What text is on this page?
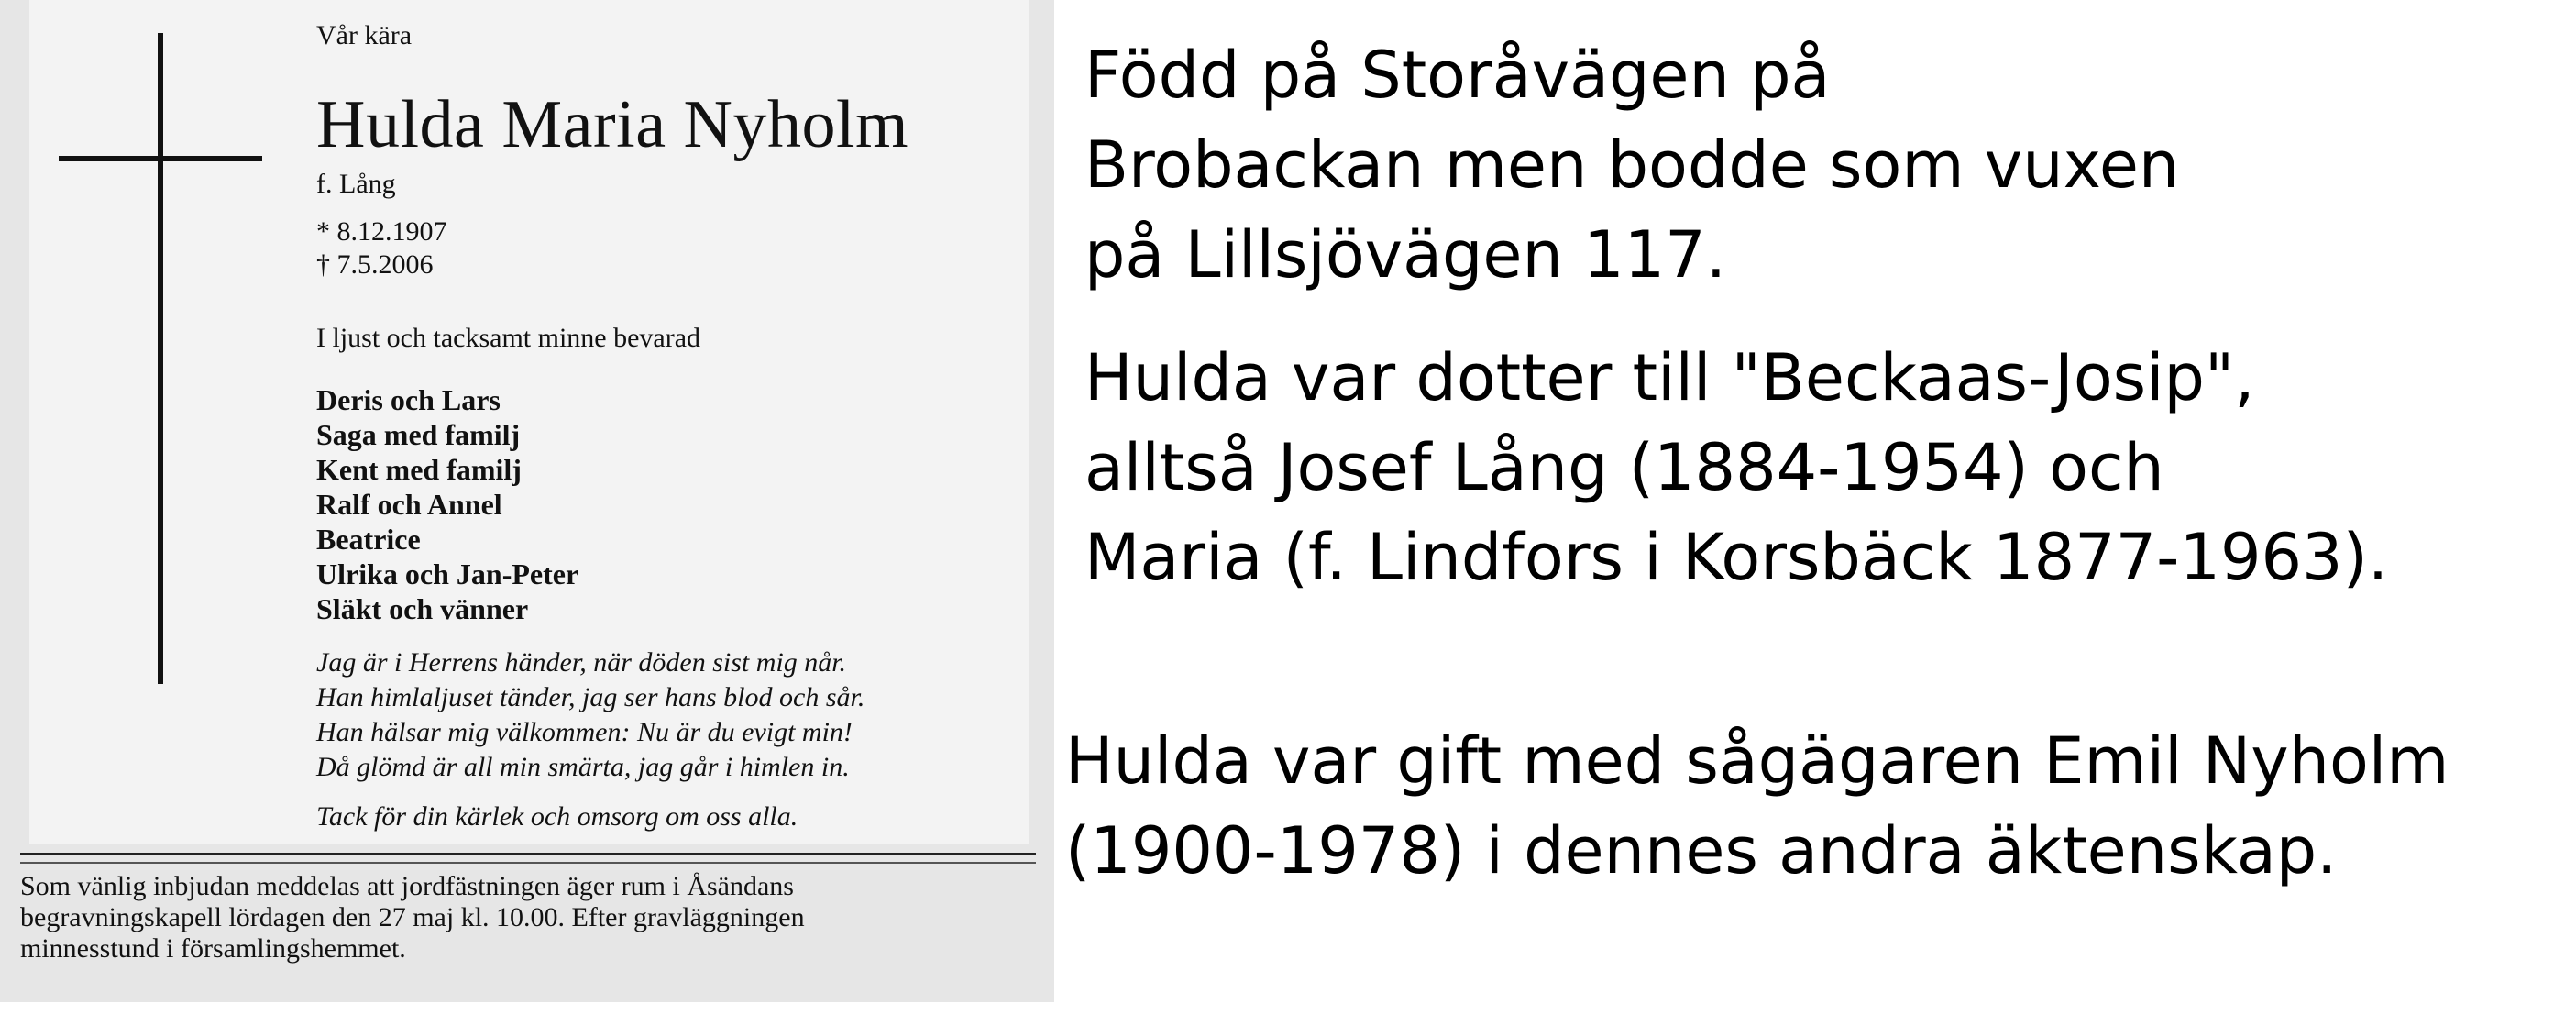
Vår kära

Hulda Maria Nyholm

f. Lång

* 8.12.1907

† 7.5.2006

I ljust och tacksamt minne bevarad

Deris och Lars

Saga med familj

Kent med familj

Ralf och Annel

Beatrice

Ulrika och Jan-Peter

Släkt och vänner

Jag är i Herrens händer, när döden sist mig når.

Han himlaljuset tänder, jag ser hans blod och sår.

Han hälsar mig välkommen: Nu är du evigt min!

Då glömd är all min smärta, jag går i himlen in.

Tack för din kärlek och omsorg om oss alla.

Som vänlig inbjudan meddelas att jordfästningen äger rum i Åsändans
begravningskapell lördagen den 27 maj kl. 10.00. Efter gravläggningen
minnesstund i församlingshemmet.

Född på Storåvägen på

Brobackan men bodde som vuxen

på Lillsjövägen 117.

Hulda var dotter till "Beckaas-Josip",

alltså Josef Lång (1884-1954) och

Maria (f. Lindfors i Korsbäck 1877-1963).

Hulda var gift med sågägaren Emil Nyholm

(1900-1978) i dennes andra äktenskap.
